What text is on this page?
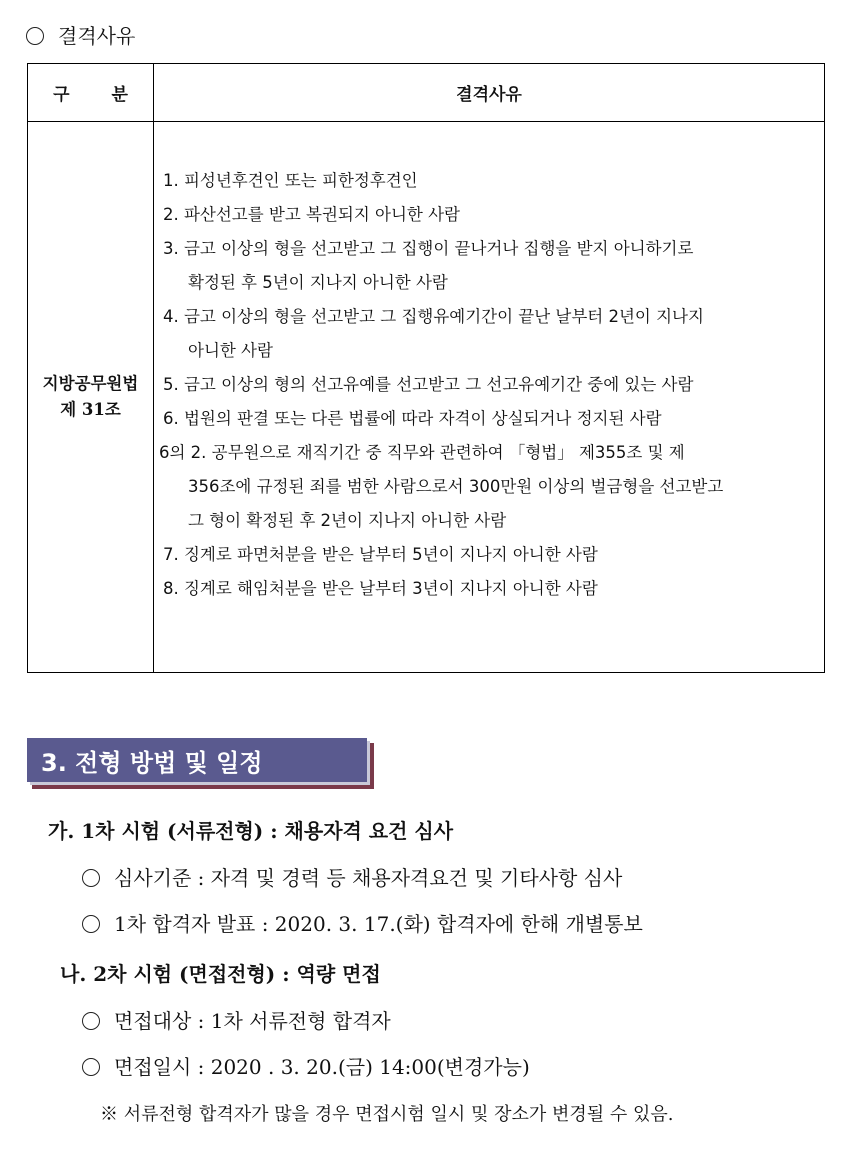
결격사유
구 분	결격사유
지방공무원법
제 31조
1. 피성년후견인 또는 피한정후견인
2. 파산선고를 받고 복권되지 아니한 사람
3. 금고 이상의 형을 선고받고 그 집행이 끝나거나 집행을 받지 아니하기로
확정된 후 5년이 지나지 아니한 사람
4. 금고 이상의 형을 선고받고 그 집행유예기간이 끝난 날부터 2년이 지나지
아니한 사람
5. 금고 이상의 형의 선고유예를 선고받고 그 선고유예기간 중에 있는 사람
6. 법원의 판결 또는 다른 법률에 따라 자격이 상실되거나 정지된 사람
6의 2. 공무원으로 재직기간 중 직무와 관련하여 「형법」 제355조 및 제
356조에 규정된 죄를 범한 사람으로서 300만원 이상의 벌금형을 선고받고
그 형이 확정된 후 2년이 지나지 아니한 사람
7. 징계로 파면처분을 받은 날부터 5년이 지나지 아니한 사람
8. 징계로 해임처분을 받은 날부터 3년이 지나지 아니한 사람
3. 전형 방법 및 일정
가. 1차 시험 (서류전형) : 채용자격 요건 심사
심사기준 : 자격 및 경력 등 채용자격요건 및 기타사항 심사
1차 합격자 발표 : 2020. 3. 17.(화) 합격자에 한해 개별통보
나. 2차 시험 (면접전형) : 역량 면접
면접대상 : 1차 서류전형 합격자
면접일시 : 2020 . 3. 20.(금) 14:00(변경가능)
※ 서류전형 합격자가 많을 경우 면접시험 일시 및 장소가 변경될 수 있음.
